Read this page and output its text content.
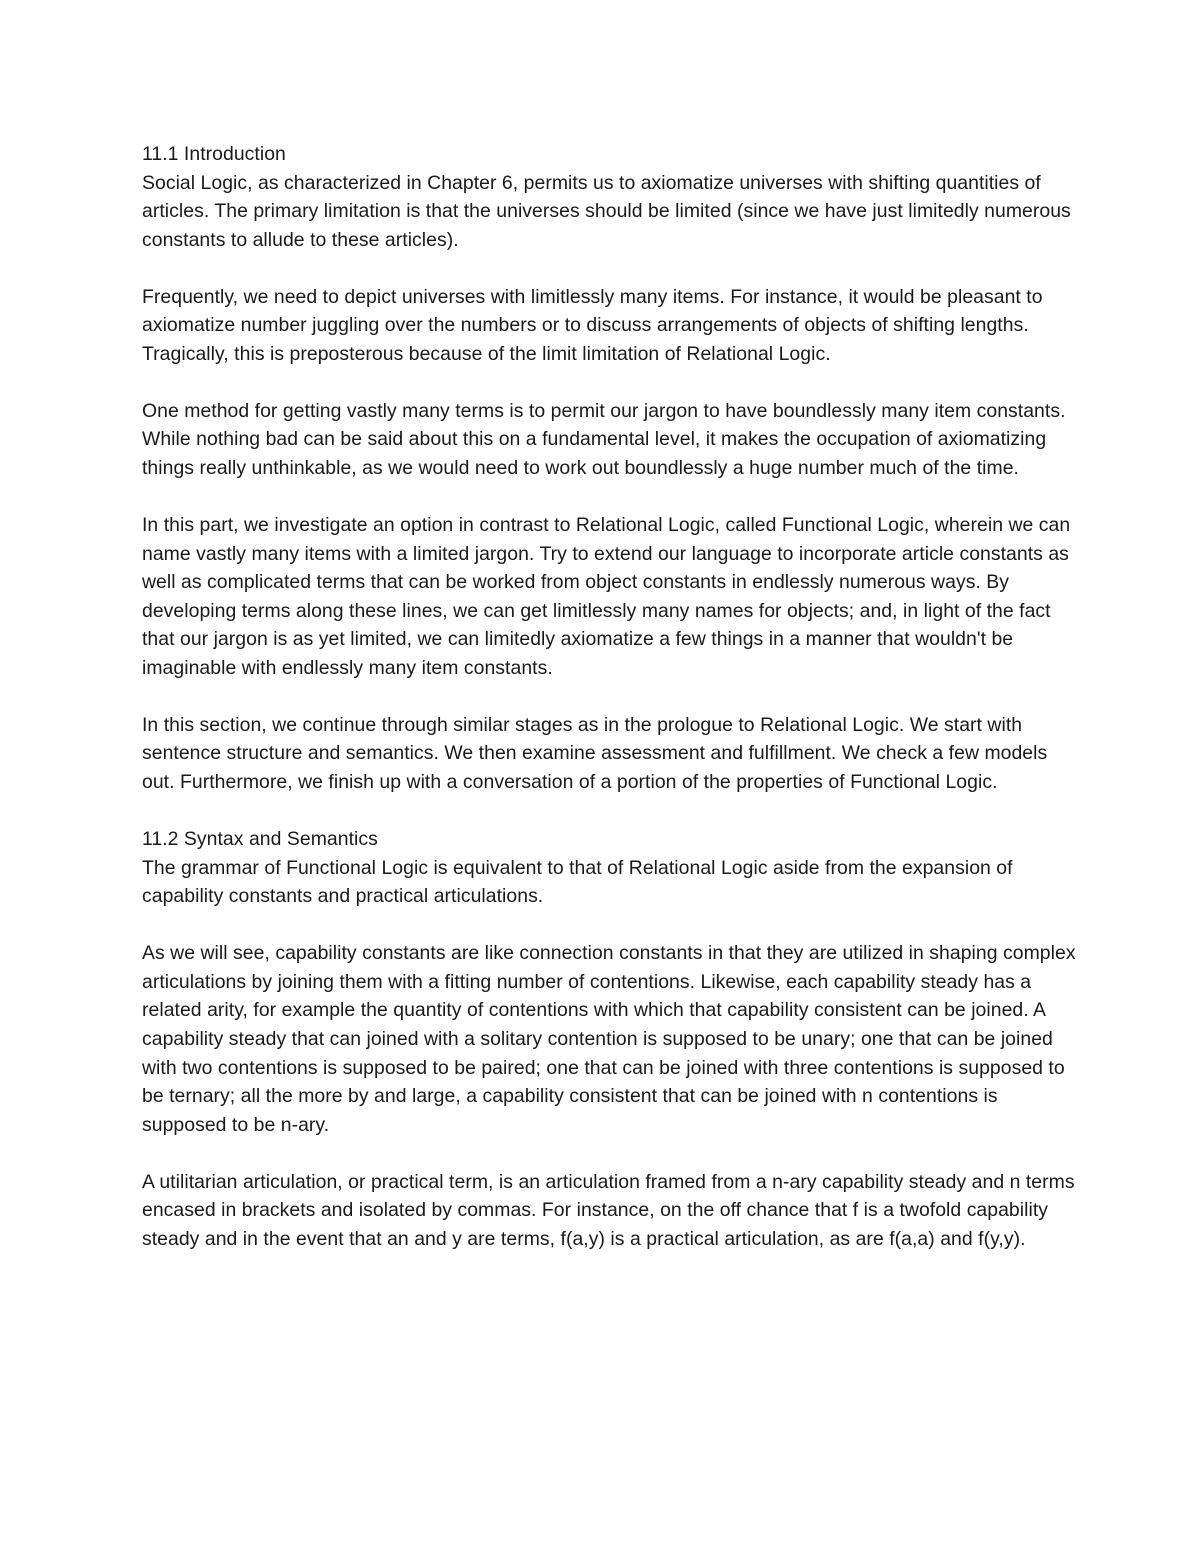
11.1 Introduction

Social Logic, as characterized in Chapter 6, permits us to axiomatize universes with shifting quantities of articles. The primary limitation is that the universes should be limited (since we have just limitedly numerous constants to allude to these articles).

Frequently, we need to depict universes with limitlessly many items. For instance, it would be pleasant to axiomatize number juggling over the numbers or to discuss arrangements of objects of shifting lengths. Tragically, this is preposterous because of the limit limitation of Relational Logic.

One method for getting vastly many terms is to permit our jargon to have boundlessly many item constants. While nothing bad can be said about this on a fundamental level, it makes the occupation of axiomatizing things really unthinkable, as we would need to work out boundlessly a huge number much of the time.

In this part, we investigate an option in contrast to Relational Logic, called Functional Logic, wherein we can name vastly many items with a limited jargon. Try to extend our language to incorporate article constants as well as complicated terms that can be worked from object constants in endlessly numerous ways. By developing terms along these lines, we can get limitlessly many names for objects; and, in light of the fact that our jargon is as yet limited, we can limitedly axiomatize a few things in a manner that wouldn't be imaginable with endlessly many item constants.

In this section, we continue through similar stages as in the prologue to Relational Logic. We start with sentence structure and semantics. We then examine assessment and fulfillment. We check a few models out. Furthermore, we finish up with a conversation of a portion of the properties of Functional Logic.

11.2 Syntax and Semantics

The grammar of Functional Logic is equivalent to that of Relational Logic aside from the expansion of capability constants and practical articulations.

As we will see, capability constants are like connection constants in that they are utilized in shaping complex articulations by joining them with a fitting number of contentions. Likewise, each capability steady has a related arity, for example the quantity of contentions with which that capability consistent can be joined. A capability steady that can joined with a solitary contention is supposed to be unary; one that can be joined with two contentions is supposed to be paired; one that can be joined with three contentions is supposed to be ternary; all the more by and large, a capability consistent that can be joined with n contentions is supposed to be n-ary.

A utilitarian articulation, or practical term, is an articulation framed from a n-ary capability steady and n terms encased in brackets and isolated by commas. For instance, on the off chance that f is a twofold capability steady and in the event that an and y are terms, f(a,y) is a practical articulation, as are f(a,a) and f(y,y).
